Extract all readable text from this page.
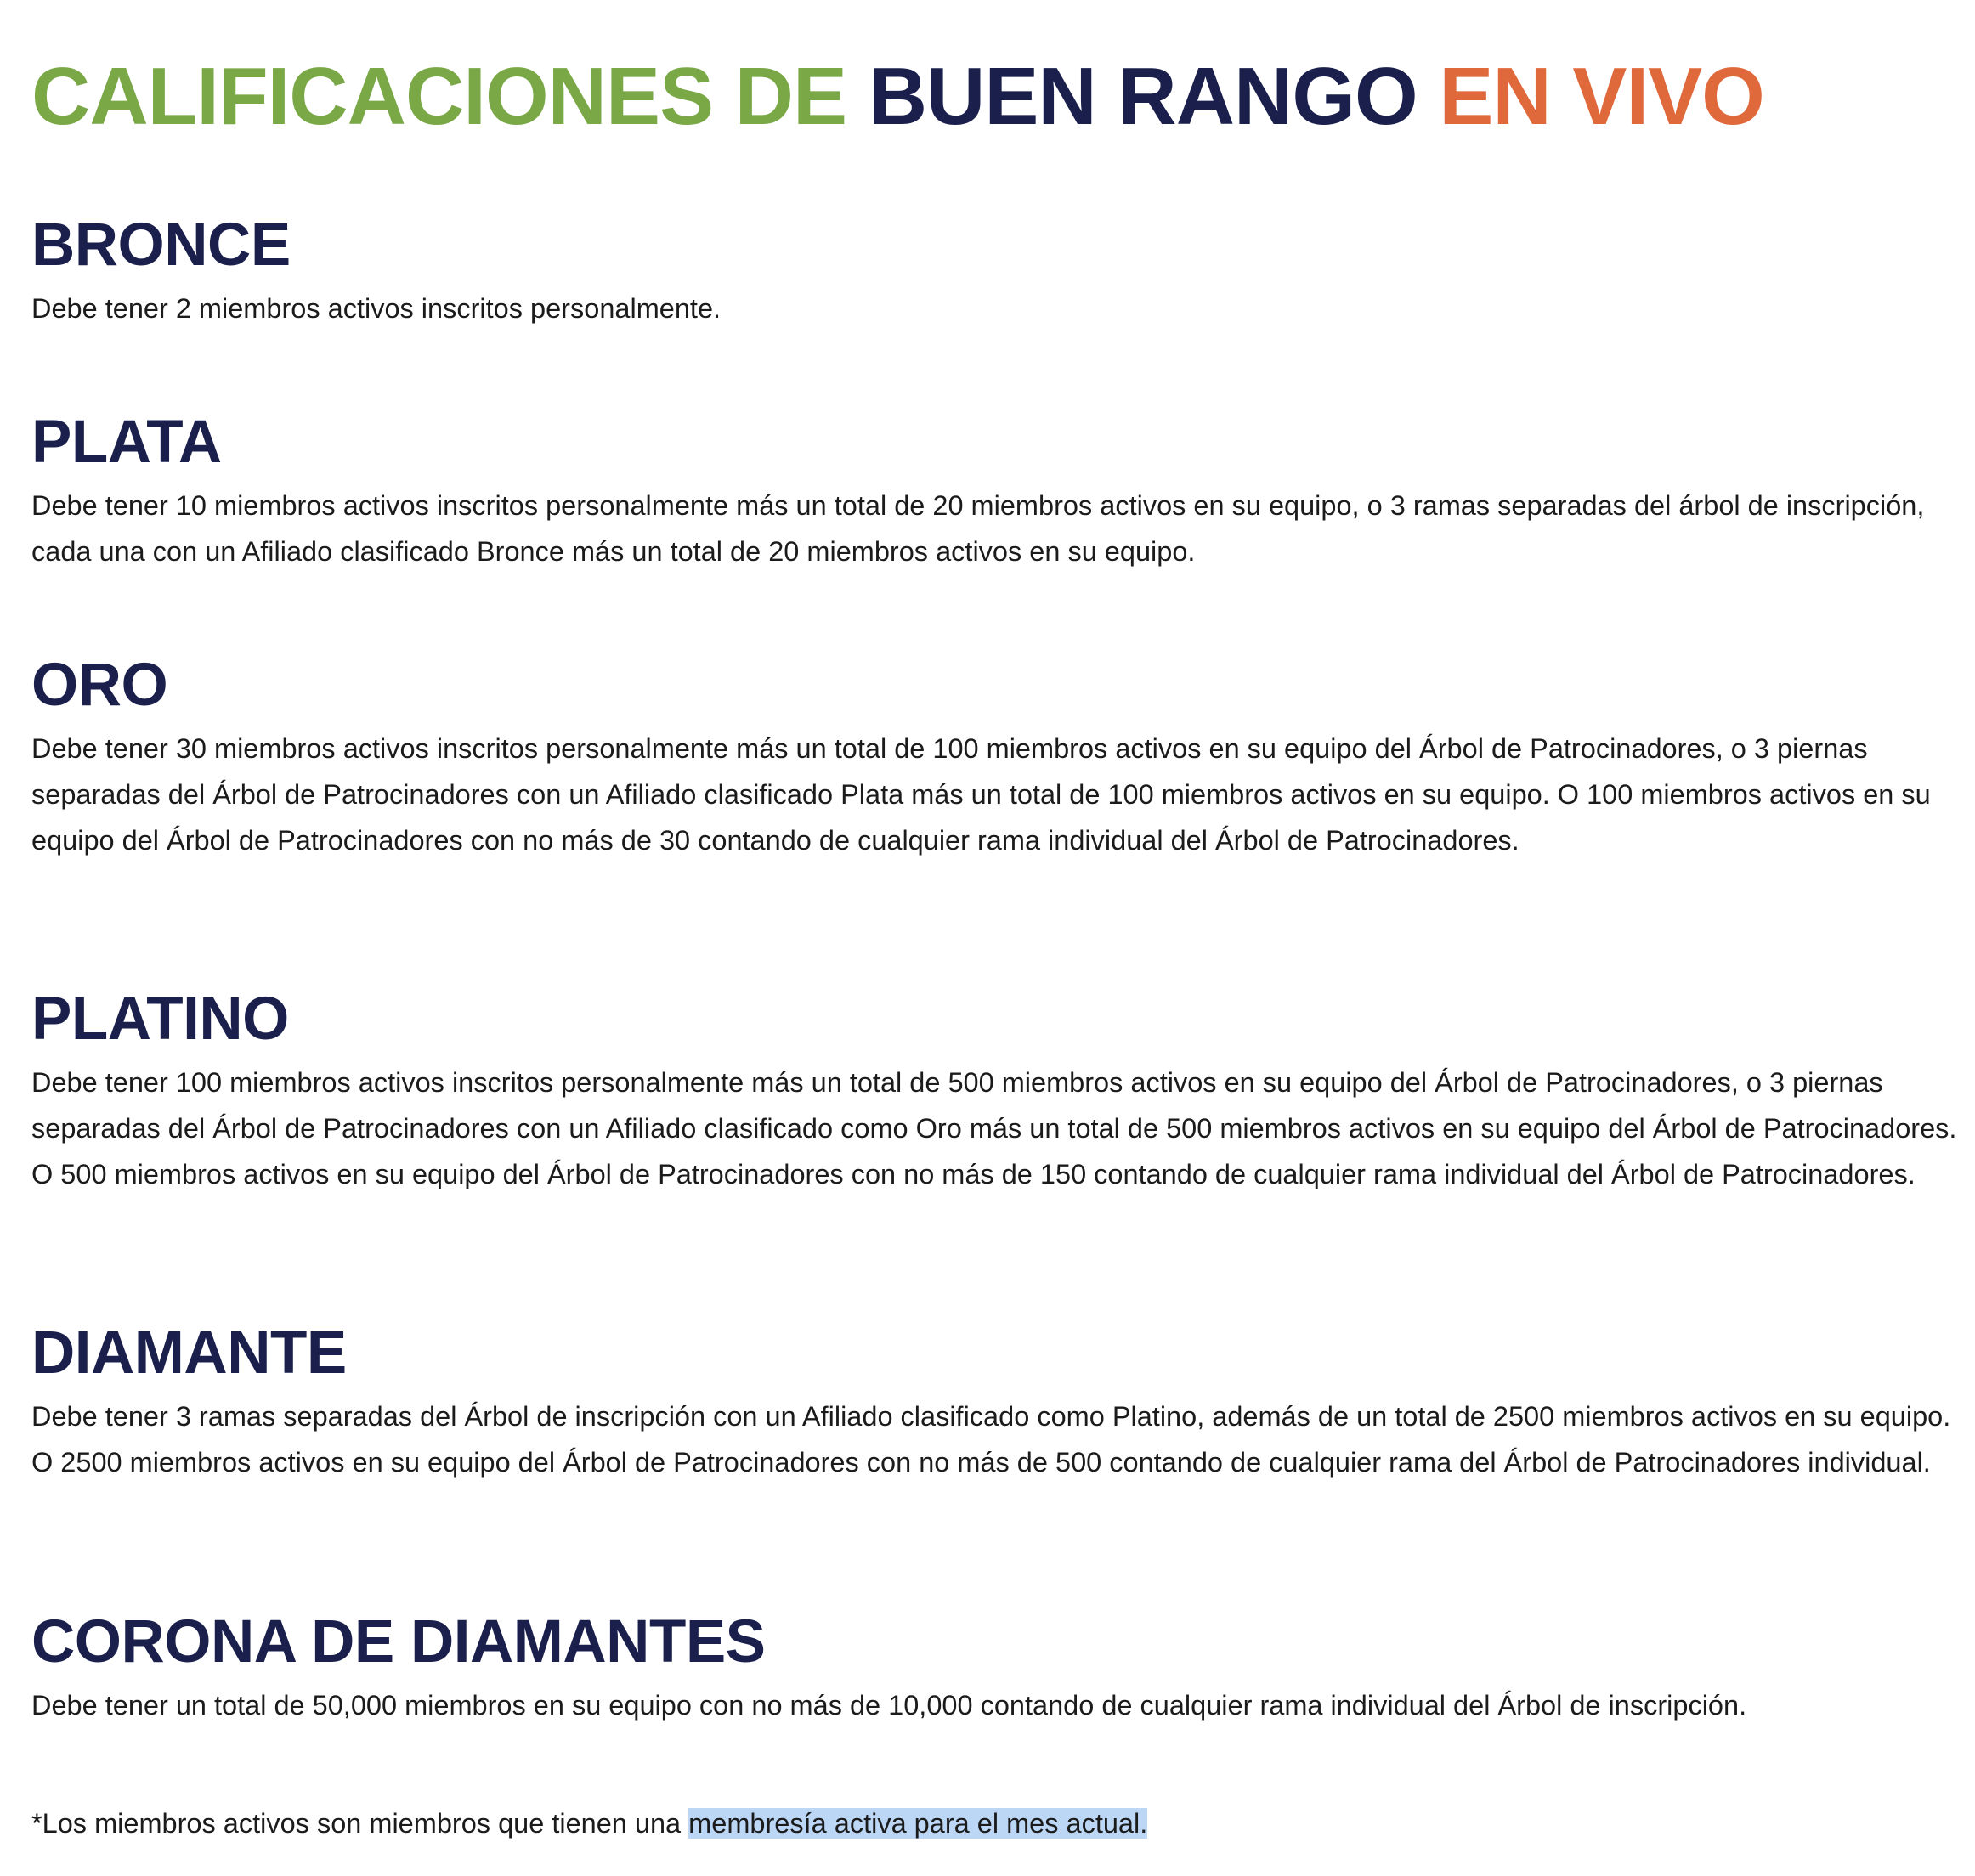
CALIFICACIONES DE BUEN RANGO EN VIVO
BRONCE

Debe tener 2 miembros activos inscritos personalmente.

PLATA

Debe tener 10 miembros activos inscritos personalmente más un total de 20 miembros activos en su equipo, o 3 ramas separadas del árbol de inscripción, cada una con un Afiliado clasificado Bronce más un total de 20 miembros activos en su equipo.

ORO

Debe tener 30 miembros activos inscritos personalmente más un total de 100 miembros activos en su equipo del Árbol de Patrocinadores, o 3 piernas separadas del Árbol de Patrocinadores con un Afiliado clasificado Plata más un total de 100 miembros activos en su equipo. O 100 miembros activos en su equipo del Árbol de Patrocinadores con no más de 30 contando de cualquier rama individual del Árbol de Patrocinadores.

PLATINO

Debe tener 100 miembros activos inscritos personalmente más un total de 500 miembros activos en su equipo del Árbol de Patrocinadores, o 3 piernas separadas del Árbol de Patrocinadores con un Afiliado clasificado como Oro más un total de 500 miembros activos en su equipo del Árbol de Patrocinadores. O 500 miembros activos en su equipo del Árbol de Patrocinadores con no más de 150 contando de cualquier rama individual del Árbol de Patrocinadores.

DIAMANTE

Debe tener 3 ramas separadas del Árbol de inscripción con un Afiliado clasificado como Platino, además de un total de 2500 miembros activos en su equipo. O 2500 miembros activos en su equipo del Árbol de Patrocinadores con no más de 500 contando de cualquier rama del Árbol de Patrocinadores individual.

CORONA DE DIAMANTES

Debe tener un total de 50,000 miembros en su equipo con no más de 10,000 contando de cualquier rama individual del Árbol de inscripción.

*Los miembros activos son miembros que tienen una membresía activa para el mes actual.
